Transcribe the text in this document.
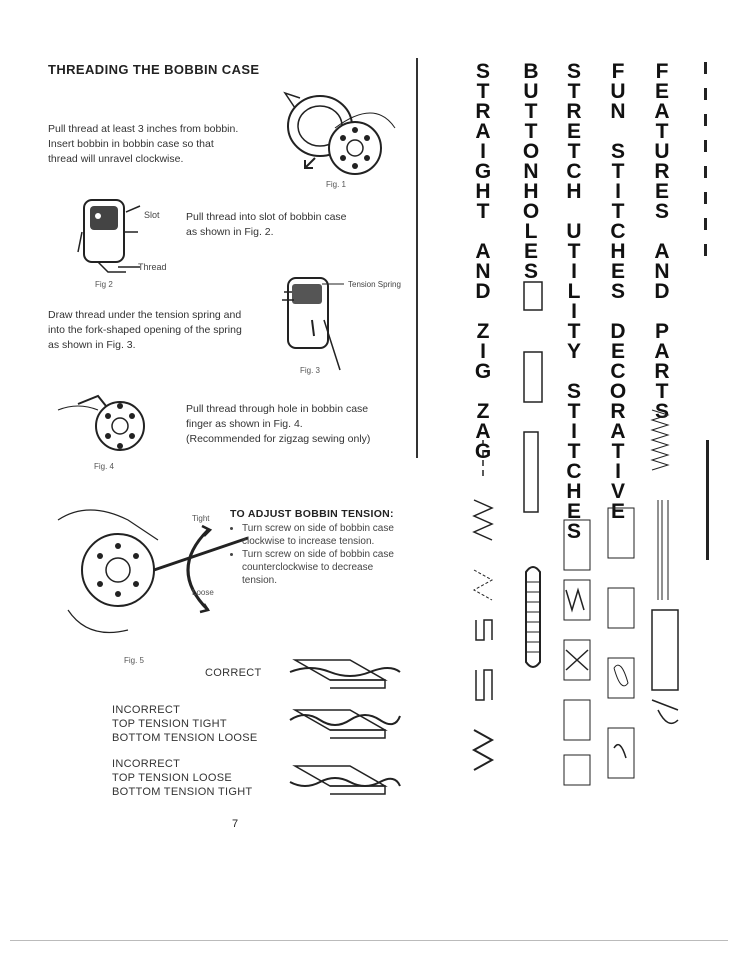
THREADING THE BOBBIN CASE
Pull thread at least 3 inches from bobbin.
Insert bobbin in bobbin case so that
thread will unravel clockwise.
Fig. 1
Slot
Thread
Fig 2
Pull thread into slot of bobbin case
as shown in Fig. 2.
Draw thread under the tension spring and
into the fork-shaped opening of the spring
as shown in Fig. 3.
Tension Spring
Fig. 3
Fig. 4
Pull thread through hole in bobbin case
finger as shown in Fig. 4.
(Recommended for zigzag sewing only)
Tight
Loose
Fig. 5
TO ADJUST BOBBIN TENSION:
• Turn screw on side of bobbin case clockwise to increase tension.
• Turn screw on side of bobbin case counterclockwise to decrease tension.
CORRECT
INCORRECT
TOP TENSION TIGHT
BOTTOM TENSION LOOSE
INCORRECT
TOP TENSION LOOSE
BOTTOM TENSION TIGHT
7
S
T
R
A
I
G
H
T

A
N
D

Z
I
G

Z
A
G
B
U
T
T
O
N
H
O
L
E
S
S
T
R
E
T
C
H

U
T
I
L
I
T
Y

S
T
I
T
C
H
E
S
F
U
N

S
T
I
T
C
H
E
S

D
E
C
O
R
A
T
I
V
E
F
E
A
T
U
R
E
S

A
N
D

P
A
R
T
S
